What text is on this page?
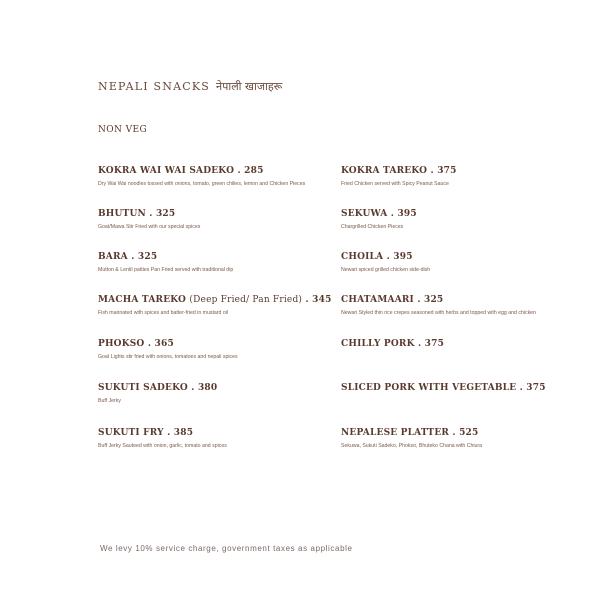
NEPALI SNACKS नेपाली खाजाहरू
NON VEG
KOKRA WAI WAI SADEKO . 285
Dry Wai Wai noodles tossed with onions, tomato, green chilies, lemon and Chicken Pieces
BHUTUN . 325
Goat/Mawa Stir Fried with our special spices
BARA . 325
Mutton & Lentil patties Pan Fried served with traditional dip
MACHA TAREKO (Deep Fried/ Pan Fried) . 345
Fish marinated with spices and batter-fried in mustard oil
PHOKSO . 365
Goat Lights stir fried with onions, tomatoes and nepali spices
SUKUTI SADEKO . 380
Buff Jerky
SUKUTI FRY . 385
Buff Jerky Sauteed with onion, garlic, tomato and spices
KOKRA TAREKO . 375
Fried Chicken served with Spicy Peanut Sauce
SEKUWA . 395
Chargrilled Chicken Pieces
CHOILA . 395
Newari spiced grilled chicken side-dish
CHATAMAARI . 325
Newari Styled thin rice crepes seasoned with herbs and topped with egg and chicken
CHILLY PORK . 375
SLICED PORK WITH VEGETABLE . 375
NEPALESE PLATTER . 525
Sekuwa, Sukuti Sadeko, Phokso, Bhuteko Chana with Chiura
We levy 10% service charge, government taxes as applicable
